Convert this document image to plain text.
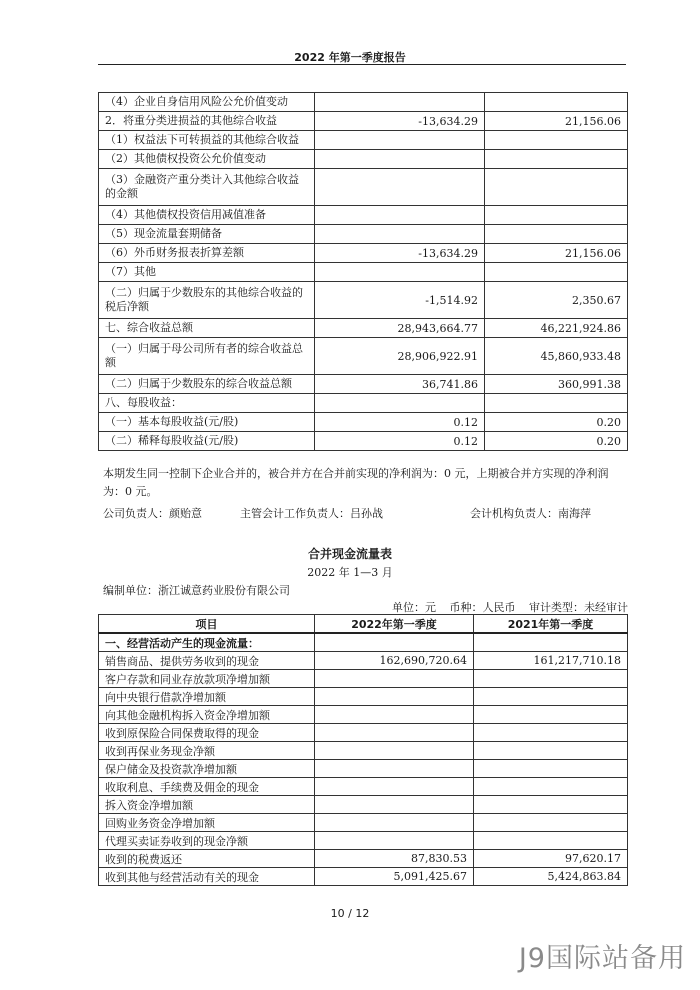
2022 年第一季度报告
（4）企业自身信用风险公允价值变动		
2．将重分类进损益的其他综合收益	-13,634.29	21,156.06
（1）权益法下可转损益的其他综合收益		
（2）其他债权投资公允价值变动		
（3）金融资产重分类计入其他综合收益的金额		
（4）其他债权投资信用减值准备		
（5）现金流量套期储备		
（6）外币财务报表折算差额	-13,634.29	21,156.06
（7）其他		
（二）归属于少数股东的其他综合收益的税后净额	-1,514.92	2,350.67
七、综合收益总额	28,943,664.77	46,221,924.86
（一）归属于母公司所有者的综合收益总额	28,906,922.91	45,860,933.48
（二）归属于少数股东的综合收益总额	36,741.86	360,991.38
八、每股收益：		
（一）基本每股收益(元/股)	0.12	0.20
（二）稀释每股收益(元/股)	0.12	0.20
本期发生同一控制下企业合并的，被合并方在合并前实现的净利润为：0 元，上期被合并方实现的净利润为：0 元。
公司负责人：颜贻意	主管会计工作负责人：吕孙战	会计机构负责人：南海萍
合并现金流量表
2022 年 1—3 月
编制单位：浙江诚意药业股份有限公司
单位：元 币种：人民币 审计类型：未经审计
项目	2022年第一季度	2021年第一季度
一、经营活动产生的现金流量：		
销售商品、提供劳务收到的现金	162,690,720.64	161,217,710.18
客户存款和同业存放款项净增加额		
向中央银行借款净增加额		
向其他金融机构拆入资金净增加额		
收到原保险合同保费取得的现金		
收到再保业务现金净额		
保户储金及投资款净增加额		
收取利息、手续费及佣金的现金		
拆入资金净增加额		
回购业务资金净增加额		
代理买卖证券收到的现金净额		
收到的税费返还	87,830.53	97,620.17
收到其他与经营活动有关的现金	5,091,425.67	5,424,863.84
10 / 12
J9国际站备用
